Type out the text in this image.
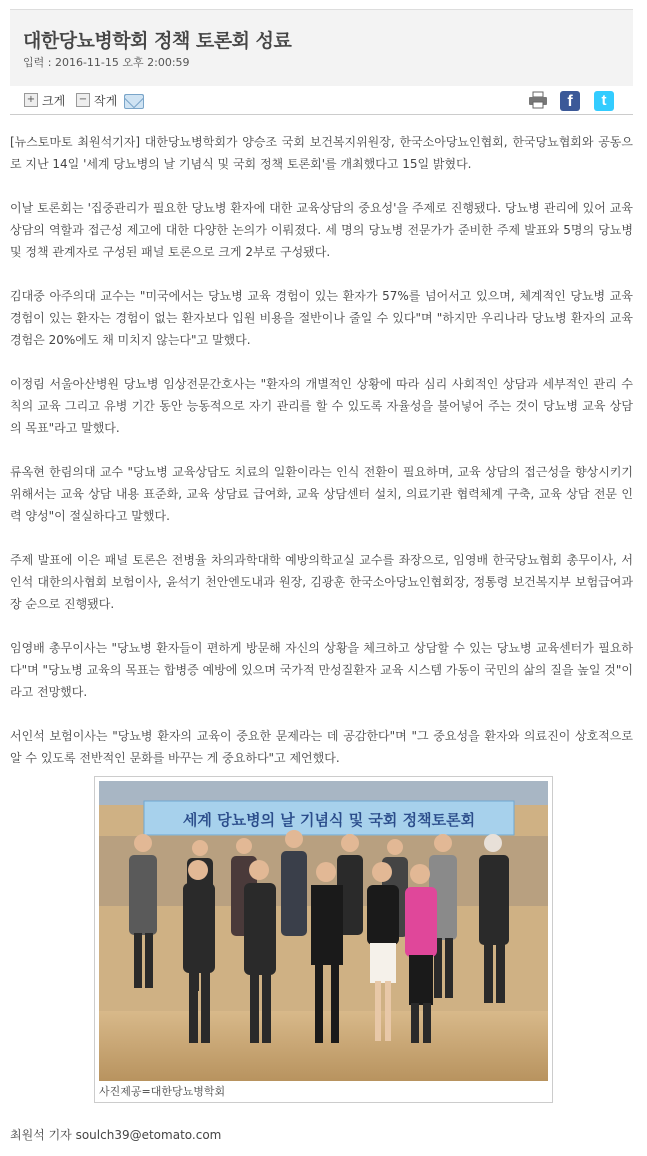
대한당뇨병학회 정책 토론회 성료
입력 : 2016-11-15 오후 2:00:59
+ 크게 − 작게	f	t

[뉴스토마토 최원석기자] 대한당뇨병학회가 양승조 국회 보건복지위원장, 한국소아당뇨인협회, 한국당뇨협회와 공동으로 지난 14일 '세계 당뇨병의 날 기념식 및 국회 정책 토론회'를 개최했다고 15일 밝혔다.

이날 토론회는 '집중관리가 필요한 당뇨병 환자에 대한 교육상담의 중요성'을 주제로 진행됐다. 당뇨병 관리에 있어 교육상담의 역할과 접근성 제고에 대한 다양한 논의가 이뤄졌다. 세 명의 당뇨병 전문가가 준비한 주제 발표와 5명의 당뇨병 및 정책 관계자로 구성된 패널 토론으로 크게 2부로 구성됐다.

김대중 아주의대 교수는 "미국에서는 당뇨병 교육 경험이 있는 환자가 57%를 넘어서고 있으며, 체계적인 당뇨병 교육 경험이 있는 환자는 경험이 없는 환자보다 입원 비용을 절반이나 줄일 수 있다"며 "하지만 우리나라 당뇨병 환자의 교육 경험은 20%에도 채 미치지 않는다"고 말했다.

이정림 서울아산병원 당뇨병 임상전문간호사는 "환자의 개별적인 상황에 따라 심리 사회적인 상담과 세부적인 관리 수칙의 교육 그리고 유병 기간 동안 능동적으로 자기 관리를 할 수 있도록 자율성을 불어넣어 주는 것이 당뇨병 교육 상담의 목표"라고 말했다.

류옥현 한림의대 교수 "당뇨병 교육상담도 치료의 일환이라는 인식 전환이 필요하며, 교육 상담의 접근성을 향상시키기 위해서는 교육 상담 내용 표준화, 교육 상담료 급여화, 교육 상담센터 설치, 의료기관 협력체계 구축, 교육 상담 전문 인력 양성"이 절실하다고 말했다.

주제 발표에 이은 패널 토론은 전병율 차의과학대학 예방의학교실 교수를 좌장으로, 임영배 한국당뇨협회 총무이사, 서인석 대한의사협회 보험이사, 윤석기 천안엔도내과 원장, 김광훈 한국소아당뇨인협회장, 정통령 보건복지부 보험급여과장 순으로 진행됐다.

임영배 총무이사는 "당뇨병 환자들이 편하게 방문해 자신의 상황을 체크하고 상담할 수 있는 당뇨병 교육센터가 필요하다"며 "당뇨병 교육의 목표는 합병증 예방에 있으며 국가적 만성질환자 교육 시스템 가동이 국민의 삶의 질을 높일 것"이라고 전망했다.

서인석 보험이사는 "당뇨병 환자의 교육이 중요한 문제라는 데 공감한다"며 "그 중요성을 환자와 의료진이 상호적으로 알 수 있도록 전반적인 문화를 바꾸는 게 중요하다"고 제언했다.

세계 당뇨병의 날 기념식 및 국회 정책토론회
사진제공=대한당뇨병학회
최원석 기자 soulch39@etomato.com
